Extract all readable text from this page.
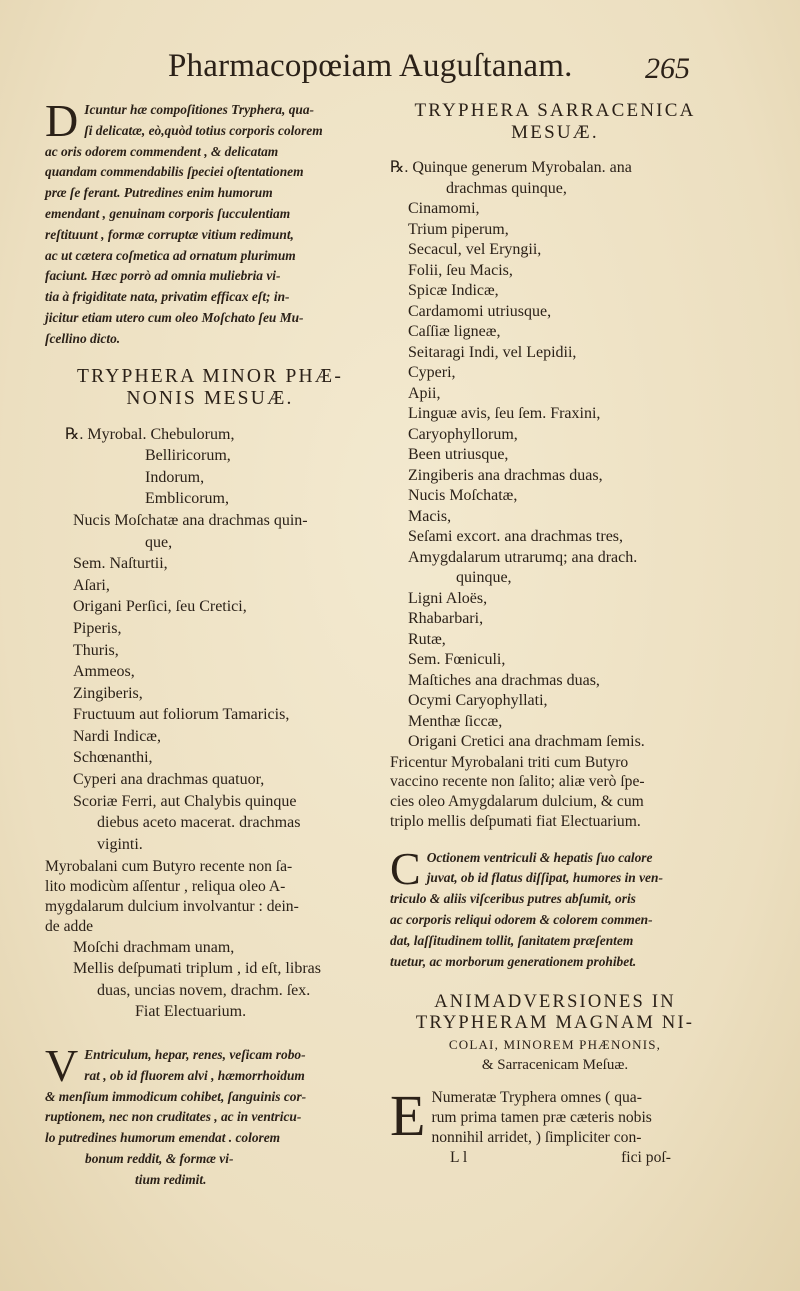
Pharmacopœiam Auguſtanam. 265
D Icuntur hæ compoſitiones Tryphera, qua-
ſi delicatæ, eò,quòd totius corporis colorem
ac oris odorem commendent , & delicatam
quandam commendabilis ſpeciei oſtentationem
præ ſe ferant. Putredines enim humorum
emendant , genuinam corporis ſucculentiam
reſtituunt , formæ corruptæ vitium redimunt,
ac ut cætera coſmetica ad ornatum plurimum
faciunt. Hæc porrò ad omnia muliebria vi-
tia à frigiditate nata, privatim efficax eſt; in-
jicitur etiam utero cum oleo Moſchato ſeu Mu-
ſcellino dicto.
TRYPHERA MINOR PHÆ-
NONIS MESUÆ.
℞. Myrobal. Chebulorum,
Belliricorum,
Indorum,
Emblicorum,
Nucis Moſchatæ ana drachmas quin-
que,
Sem. Naſturtii,
Aſari,
Origani Perſici, ſeu Cretici,
Piperis,
Thuris,
Ammeos,
Zingiberis,
Fructuum aut foliorum Tamaricis,
Nardi Indicæ,
Schœnanthi,
Cyperi ana drachmas quatuor,
Scoriæ Ferri, aut Chalybis quinque
diebus aceto macerat. drachmas
viginti.
Myrobalani cum Butyro recente non ſa-
lito modicùm aſſentur , reliqua oleo A-
mygdalarum dulcium involvantur : dein-
de addе
Moſchi drachmam unam,
Mellis deſpumati triplum , id eſt, libras
duas, uncias novem, drachm. ſex.
Fiat Electuarium.
V Entriculum, hepar, renes, veſicam robo-
rat , ob id fluorem alvi , hæmorrhoidum
& menſium immodicum cohibet, ſanguinis cor-
ruptionem, nec non cruditates , ac in ventricu-
lo putredines humorum emendat . colorem
bonum reddit, & formæ vi-
tium redimit.
TRYPHERA SARRACENICA
MESUÆ.
℞. Quinque generum Myrobalan. ana
drachmas quinque,
Cinamomi,
Trium piperum,
Secacul, vel Eryngii,
Folii, ſeu Macis,
Spicæ Indicæ,
Cardamomi utriusque,
Caſſiæ ligneæ,
Seitaragi Indi, vel Lepidii,
Cyperi,
Apii,
Linguæ avis, ſeu ſem. Fraxini,
Caryophyllorum,
Been utriusque,
Zingiberis ana drachmas duas,
Nucis Moſchatæ,
Macis,
Seſami excort. ana drachmas tres,
Amygdalarum utrarumq; ana drach.
quinque,
Ligni Aloës,
Rhabarbari,
Rutæ,
Sem. Fœniculi,
Maſtiches ana drachmas duas,
Ocymi Caryophyllati,
Menthæ ſiccæ,
Origani Cretici ana drachmam ſemis.
Fricentur Myrobalani triti cum Butyro
vaccino recente non ſalito; aliæ verò ſpe-
cies oleo Amygdalarum dulcium, & cum
triplo mellis deſpumati fiat Electuarium.
C Octionem ventriculi & hepatis ſuo calore
juvat, ob id flatus diſſipat, humores in ven-
triculo & aliis viſceribus putres abſumit, oris
ac corporis reliqui odorem & colorem commen-
dat, laſſitudinem tollit, ſanitatem præſentem
tuetur, ac morborum generationem prohibet.
ANIMADVERSIONES IN
TRYPHERAM MAGNAM NI-
COLAI, MINOREM PHÆNONIS,
& Sarracenicam Meſuæ.
E Numeratæ Tryphera omnes ( qua-
rum prima tamen præ cæteris nobis
nonnihil arridet, ) ſimpliciter con-
L l	fici poſ-
